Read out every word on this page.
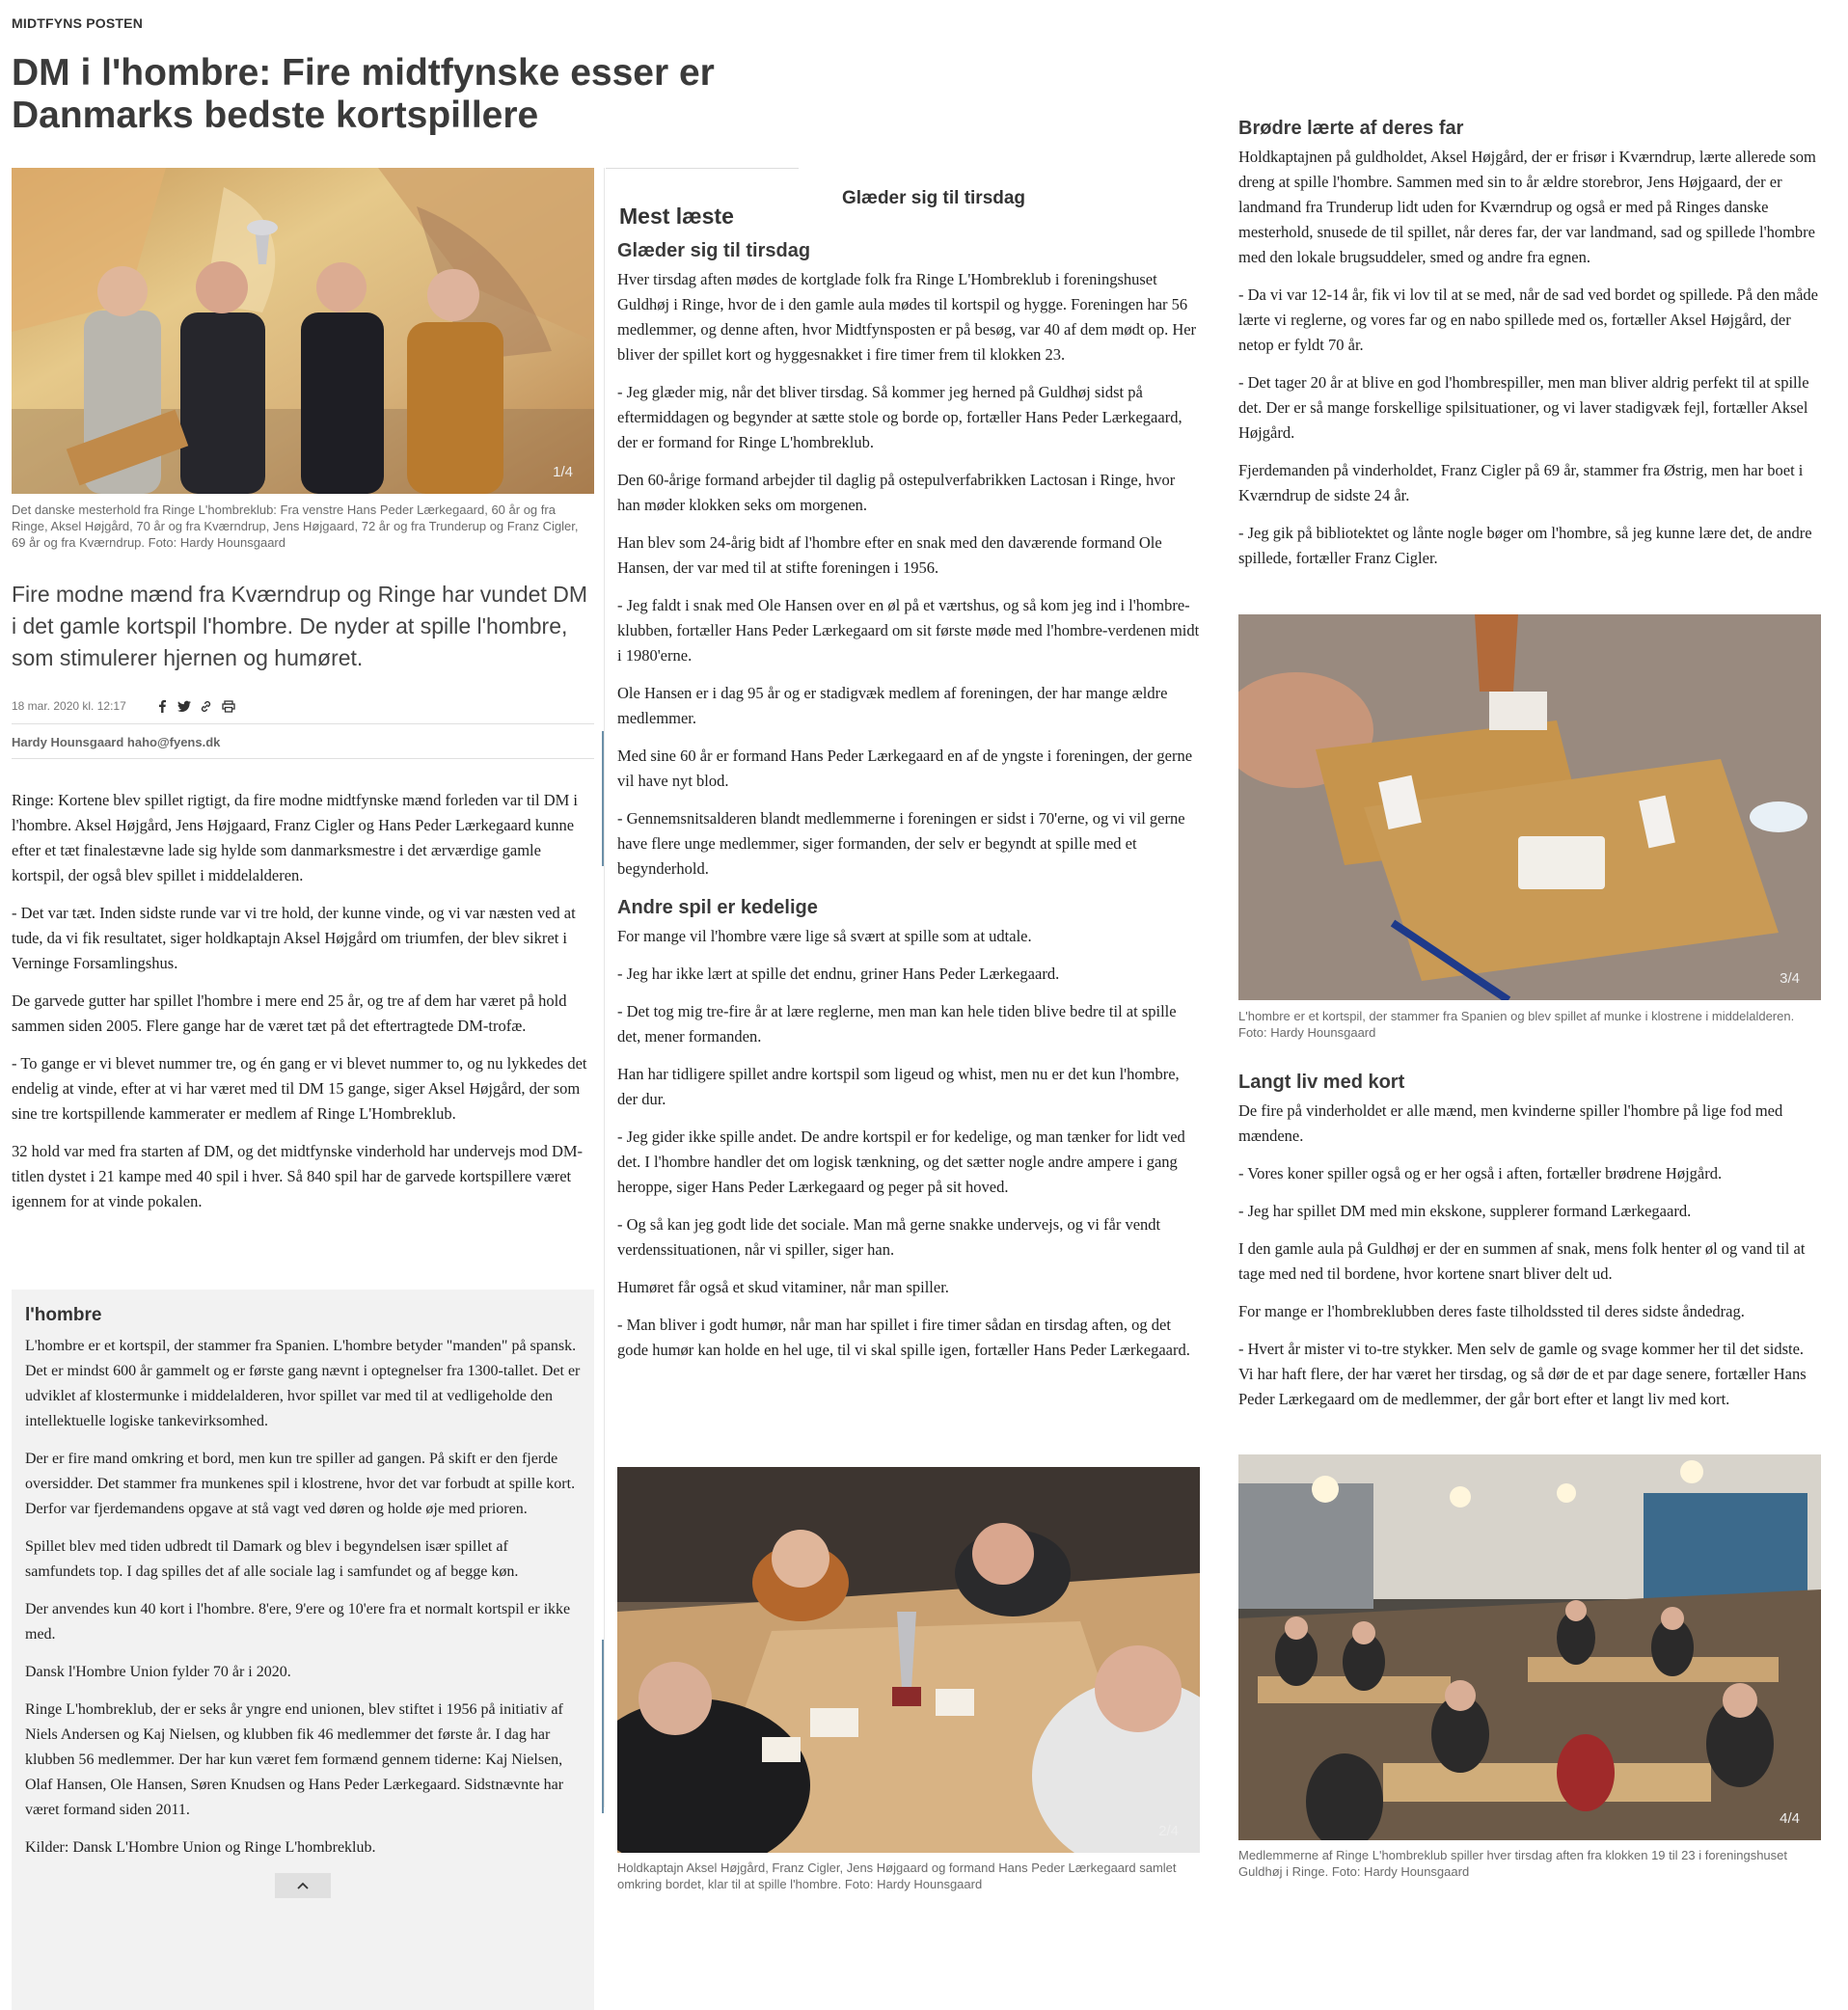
MIDTFYNS POSTEN
DM i l'hombre: Fire midtfynske esser er Danmarks bedste kortspillere
1/4
Det danske mesterhold fra Ringe L'hombreklub: Fra venstre Hans Peder Lærkegaard, 60 år og fra Ringe, Aksel Højgård, 70 år og fra Kværndrup, Jens Højgaard, 72 år og fra Trunderup og Franz Cigler, 69 år og fra Kværndrup. Foto: Hardy Hounsgaard
Fire modne mænd fra Kværndrup og Ringe har vundet DM i det gamle kortspil l'hombre. De nyder at spille l'hombre, som stimulerer hjernen og humøret.
18 mar. 2020 kl. 12:17
Hardy Hounsgaard haho@fyens.dk

Ringe: Kortene blev spillet rigtigt, da fire modne midtfynske mænd forleden var til DM i l'hombre. Aksel Højgård, Jens Højgaard, Franz Cigler og Hans Peder Lærkegaard kunne efter et tæt finalestævne lade sig hylde som danmarksmestre i det ærværdige gamle kortspil, der også blev spillet i middelalderen.

- Det var tæt. Inden sidste runde var vi tre hold, der kunne vinde, og vi var næsten ved at tude, da vi fik resultatet, siger holdkaptajn Aksel Højgård om triumfen, der blev sikret i Verninge Forsamlingshus.

De garvede gutter har spillet l'hombre i mere end 25 år, og tre af dem har været på hold sammen siden 2005. Flere gange har de været tæt på det eftertragtede DM-trofæ.

- To gange er vi blevet nummer tre, og én gang er vi blevet nummer to, og nu lykkedes det endelig at vinde, efter at vi har været med til DM 15 gange, siger Aksel Højgård, der som sine tre kortspillende kammerater er medlem af Ringe L'Hombreklub.

32 hold var med fra starten af DM, og det midtfynske vinderhold har undervejs mod DM-titlen dystet i 21 kampe med 40 spil i hver. Så 840 spil har de garvede kortspillere været igennem for at vinde pokalen.

l'hombre

L'hombre er et kortspil, der stammer fra Spanien. L'hombre betyder "manden" på spansk.

Det er mindst 600 år gammelt og er første gang nævnt i optegnelser fra 1300-tallet. Det er udviklet af klostermunke i middelalderen, hvor spillet var med til at vedligeholde den intellektuelle logiske tankevirksomhed.

Der er fire mand omkring et bord, men kun tre spiller ad gangen. På skift er den fjerde oversidder. Det stammer fra munkenes spil i klostrene, hvor det var forbudt at spille kort. Derfor var fjerdemandens opgave at stå vagt ved døren og holde øje med prioren.

Spillet blev med tiden udbredt til Damark og blev i begyndelsen især spillet af samfundets top. I dag spilles det af alle sociale lag i samfundet og af begge køn.

Der anvendes kun 40 kort i l'hombre. 8'ere, 9'ere og 10'ere fra et normalt kortspil er ikke med.

Dansk l'Hombre Union fylder 70 år i 2020.

Ringe L'hombreklub, der er seks år yngre end unionen, blev stiftet i 1956 på initiativ af Niels Andersen og Kaj Nielsen, og klubben fik 46 medlemmer det første år. I dag har klubben 56 medlemmer. Der har kun været fem formænd gennem tiderne: Kaj Nielsen, Olaf Hansen, Ole Hansen, Søren Knudsen og Hans Peder Lærkegaard. Sidstnævnte har været formand siden 2011.

Kilder: Dansk L'Hombre Union og Ringe L'hombreklub.

Mest læste
Glæder sig til tirsdag
Glæder sig til tirsdag

Hver tirsdag aften mødes de kortglade folk fra Ringe L'Hombreklub i foreningshuset Guldhøj i Ringe, hvor de i den gamle aula mødes til kortspil og hygge. Foreningen har 56 medlemmer, og denne aften, hvor Midtfynsposten er på besøg, var 40 af dem mødt op. Her bliver der spillet kort og hyggesnakket i fire timer frem til klokken 23.

- Jeg glæder mig, når det bliver tirsdag. Så kommer jeg herned på Guldhøj sidst på eftermiddagen og begynder at sætte stole og borde op, fortæller Hans Peder Lærkegaard, der er formand for Ringe L'hombreklub.

Den 60-årige formand arbejder til daglig på ostepulverfabrikken Lactosan i Ringe, hvor han møder klokken seks om morgenen.

Han blev som 24-årig bidt af l'hombre efter en snak med den daværende formand Ole Hansen, der var med til at stifte foreningen i 1956.

- Jeg faldt i snak med Ole Hansen over en øl på et værtshus, og så kom jeg ind i l'hombre-klubben, fortæller Hans Peder Lærkegaard om sit første møde med l'hombre-verdenen midt i 1980'erne.

Ole Hansen er i dag 95 år og er stadigvæk medlem af foreningen, der har mange ældre medlemmer.

Med sine 60 år er formand Hans Peder Lærkegaard en af de yngste i foreningen, der gerne vil have nyt blod.

- Gennemsnitsalderen blandt medlemmerne i foreningen er sidst i 70'erne, og vi vil gerne have flere unge medlemmer, siger formanden, der selv er begyndt at spille med et begynderhold.

Andre spil er kedelige

For mange vil l'hombre være lige så svært at spille som at udtale.

- Jeg har ikke lært at spille det endnu, griner Hans Peder Lærkegaard.

- Det tog mig tre-fire år at lære reglerne, men man kan hele tiden blive bedre til at spille det, mener formanden.

Han har tidligere spillet andre kortspil som ligeud og whist, men nu er det kun l'hombre, der dur.

- Jeg gider ikke spille andet. De andre kortspil er for kedelige, og man tænker for lidt ved det. I l'hombre handler det om logisk tænkning, og det sætter nogle andre ampere i gang heroppe, siger Hans Peder Lærkegaard og peger på sit hoved.

- Og så kan jeg godt lide det sociale. Man må gerne snakke undervejs, og vi får vendt verdenssituationen, når vi spiller, siger han.

Humøret får også et skud vitaminer, når man spiller.

- Man bliver i godt humør, når man har spillet i fire timer sådan en tirsdag aften, og det gode humør kan holde en hel uge, til vi skal spille igen, fortæller Hans Peder Lærkegaard.

2/4
Holdkaptajn Aksel Højgård, Franz Cigler, Jens Højgaard og formand Hans Peder Lærkegaard samlet omkring bordet, klar til at spille l'hombre. Foto: Hardy Hounsgaard
Brødre lærte af deres far

Holdkaptajnen på guldholdet, Aksel Højgård, der er frisør i Kværndrup, lærte allerede som dreng at spille l'hombre. Sammen med sin to år ældre storebror, Jens Højgaard, der er landmand fra Trunderup lidt uden for Kværndrup og også er med på Ringes danske mesterhold, snusede de til spillet, når deres far, der var landmand, sad og spillede l'hombre med den lokale brugsuddeler, smed og andre fra egnen.

- Da vi var 12-14 år, fik vi lov til at se med, når de sad ved bordet og spillede. På den måde lærte vi reglerne, og vores far og en nabo spillede med os, fortæller Aksel Højgård, der netop er fyldt 70 år.

- Det tager 20 år at blive en god l'hombrespiller, men man bliver aldrig perfekt til at spille det. Der er så mange forskellige spilsituationer, og vi laver stadigvæk fejl, fortæller Aksel Højgård.

Fjerdemanden på vinderholdet, Franz Cigler på 69 år, stammer fra Østrig, men har boet i Kværndrup de sidste 24 år.

- Jeg gik på bibliotektet og lånte nogle bøger om l'hombre, så jeg kunne lære det, de andre spillede, fortæller Franz Cigler.

3/4
L'hombre er et kortspil, der stammer fra Spanien og blev spillet af munke i klostrene i middelalderen. Foto: Hardy Hounsgaard
Langt liv med kort

De fire på vinderholdet er alle mænd, men kvinderne spiller l'hombre på lige fod med mændene.

- Vores koner spiller også og er her også i aften, fortæller brødrene Højgård.

- Jeg har spillet DM med min ekskone, supplerer formand Lærkegaard.

I den gamle aula på Guldhøj er der en summen af snak, mens folk henter øl og vand til at tage med ned til bordene, hvor kortene snart bliver delt ud.

For mange er l'hombreklubben deres faste tilholdssted til deres sidste åndedrag.

- Hvert år mister vi to-tre stykker. Men selv de gamle og svage kommer her til det sidste. Vi har haft flere, der har været her tirsdag, og så dør de et par dage senere, fortæller Hans Peder Lærkegaard om de medlemmer, der går bort efter et langt liv med kort.

4/4
Medlemmerne af Ringe L'hombreklub spiller hver tirsdag aften fra klokken 19 til 23 i foreningshuset Guldhøj i Ringe. Foto: Hardy Hounsgaard
